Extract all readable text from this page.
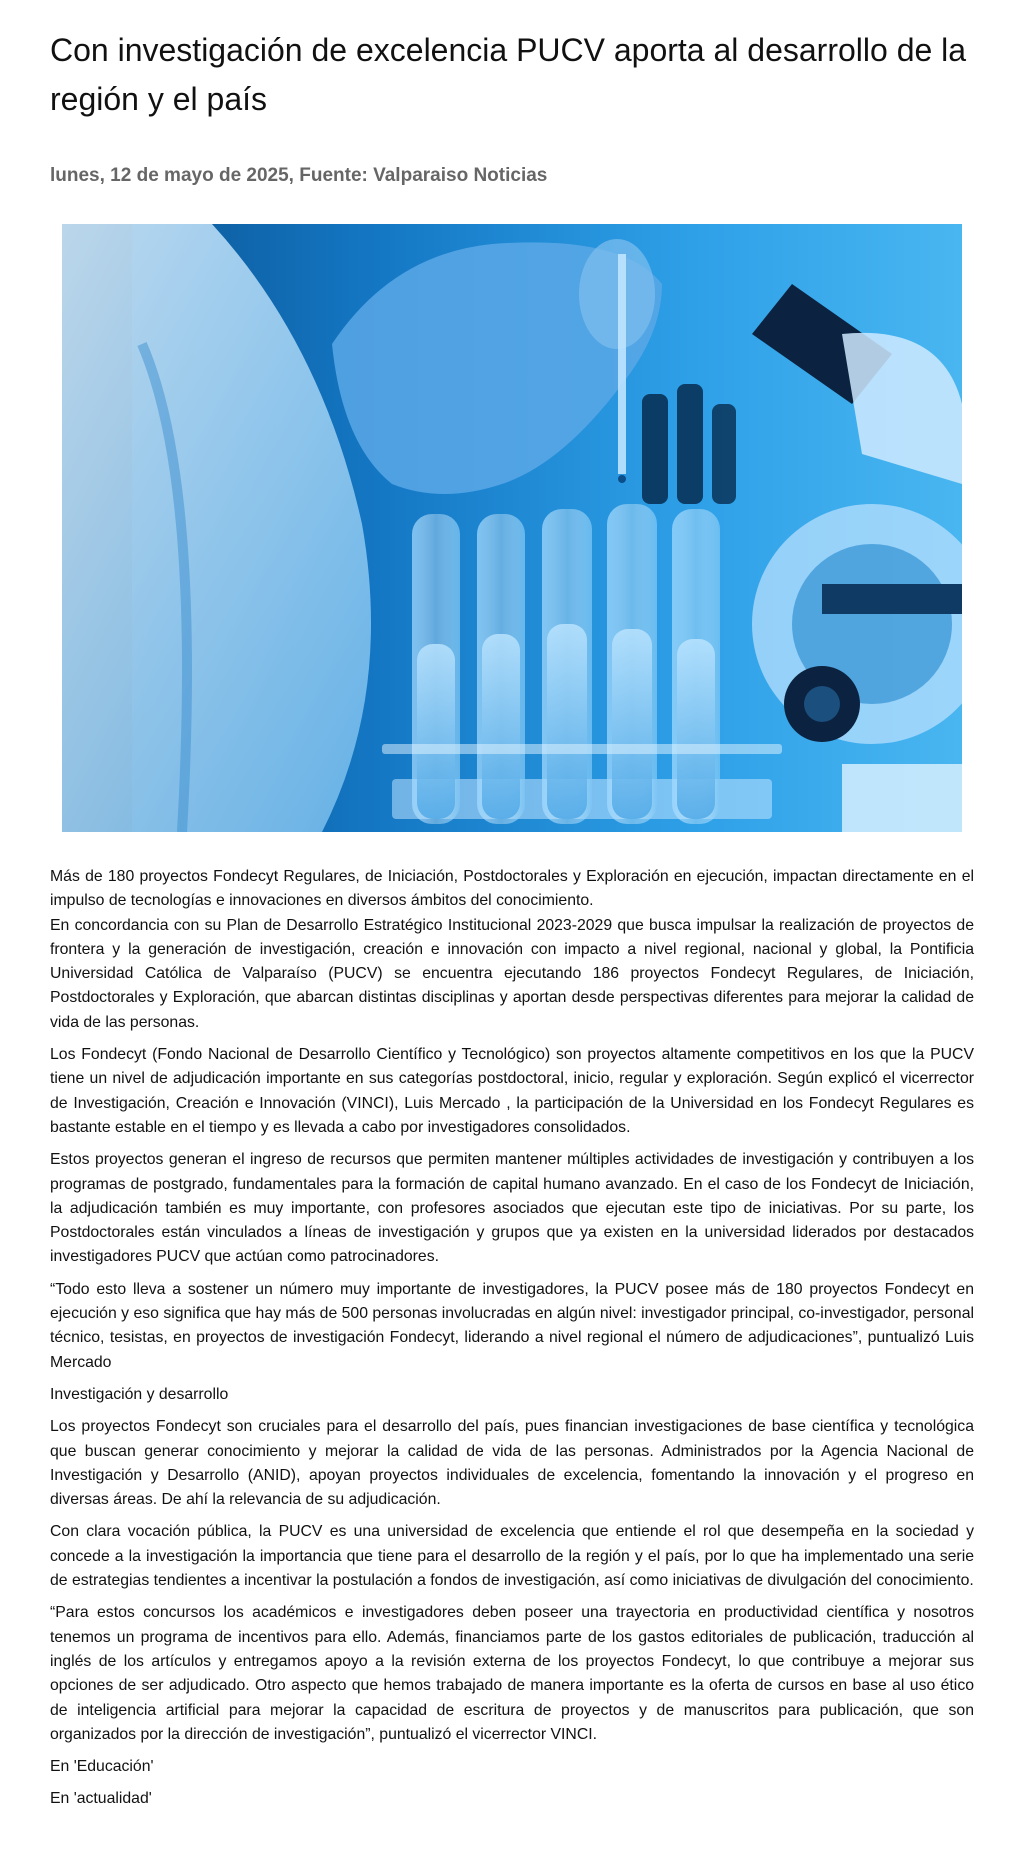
Con investigación de excelencia PUCV aporta al desarrollo de la región y el país
lunes, 12 de mayo de 2025, Fuente: Valparaiso Noticias

Más de 180 proyectos Fondecyt Regulares, de Iniciación, Postdoctorales y Exploración en ejecución, impactan directamente en el impulso de tecnologías e innovaciones en diversos ámbitos del conocimiento.

En concordancia con su Plan de Desarrollo Estratégico Institucional 2023-2029 que busca impulsar la realización de proyectos de frontera y la generación de investigación, creación e innovación con impacto a nivel regional, nacional y global, la Pontificia Universidad Católica de Valparaíso (PUCV) se encuentra ejecutando 186 proyectos Fondecyt Regulares, de Iniciación, Postdoctorales y Exploración, que abarcan distintas disciplinas y aportan desde perspectivas diferentes para mejorar la calidad de vida de las personas.

Los Fondecyt (Fondo Nacional de Desarrollo Científico y Tecnológico) son proyectos altamente competitivos en los que la PUCV tiene un nivel de adjudicación importante en sus categorías postdoctoral, inicio, regular y exploración. Según explicó el vicerrector de Investigación, Creación e Innovación (VINCI), Luis Mercado , la participación de la Universidad en los Fondecyt Regulares es bastante estable en el tiempo y es llevada a cabo por investigadores consolidados.

Estos proyectos generan el ingreso de recursos que permiten mantener múltiples actividades de investigación y contribuyen a los programas de postgrado, fundamentales para la formación de capital humano avanzado. En el caso de los Fondecyt de Iniciación, la adjudicación también es muy importante, con profesores asociados que ejecutan este tipo de iniciativas. Por su parte, los Postdoctorales están vinculados a líneas de investigación y grupos que ya existen en la universidad liderados por destacados investigadores PUCV que actúan como patrocinadores.

“Todo esto lleva a sostener un número muy importante de investigadores, la PUCV posee más de 180 proyectos Fondecyt en ejecución y eso significa que hay más de 500 personas involucradas en algún nivel: investigador principal, co-investigador, personal técnico, tesistas, en proyectos de investigación Fondecyt, liderando a nivel regional el número de adjudicaciones”, puntualizó Luis Mercado

Investigación y desarrollo

Los proyectos Fondecyt son cruciales para el desarrollo del país, pues financian investigaciones de base científica y tecnológica que buscan generar conocimiento y mejorar la calidad de vida de las personas. Administrados por la Agencia Nacional de Investigación y Desarrollo (ANID), apoyan proyectos individuales de excelencia, fomentando la innovación y el progreso en diversas áreas. De ahí la relevancia de su adjudicación.

Con clara vocación pública, la PUCV es una universidad de excelencia que entiende el rol que desempeña en la sociedad y concede a la investigación la importancia que tiene para el desarrollo de la región y el país, por lo que ha implementado una serie de estrategias tendientes a incentivar la postulación a fondos de investigación, así como iniciativas de divulgación del conocimiento.

“Para estos concursos los académicos e investigadores deben poseer una trayectoria en productividad científica y nosotros tenemos un programa de incentivos para ello. Además, financiamos parte de los gastos editoriales de publicación, traducción al inglés de los artículos y entregamos apoyo a la revisión externa de los proyectos Fondecyt, lo que contribuye a mejorar sus opciones de ser adjudicado. Otro aspecto que hemos trabajado de manera importante es la oferta de cursos en base al uso ético de inteligencia artificial para mejorar la capacidad de escritura de proyectos y de manuscritos para publicación, que son organizados por la dirección de investigación”, puntualizó el vicerrector VINCI.

En 'Educación'

En 'actualidad'
